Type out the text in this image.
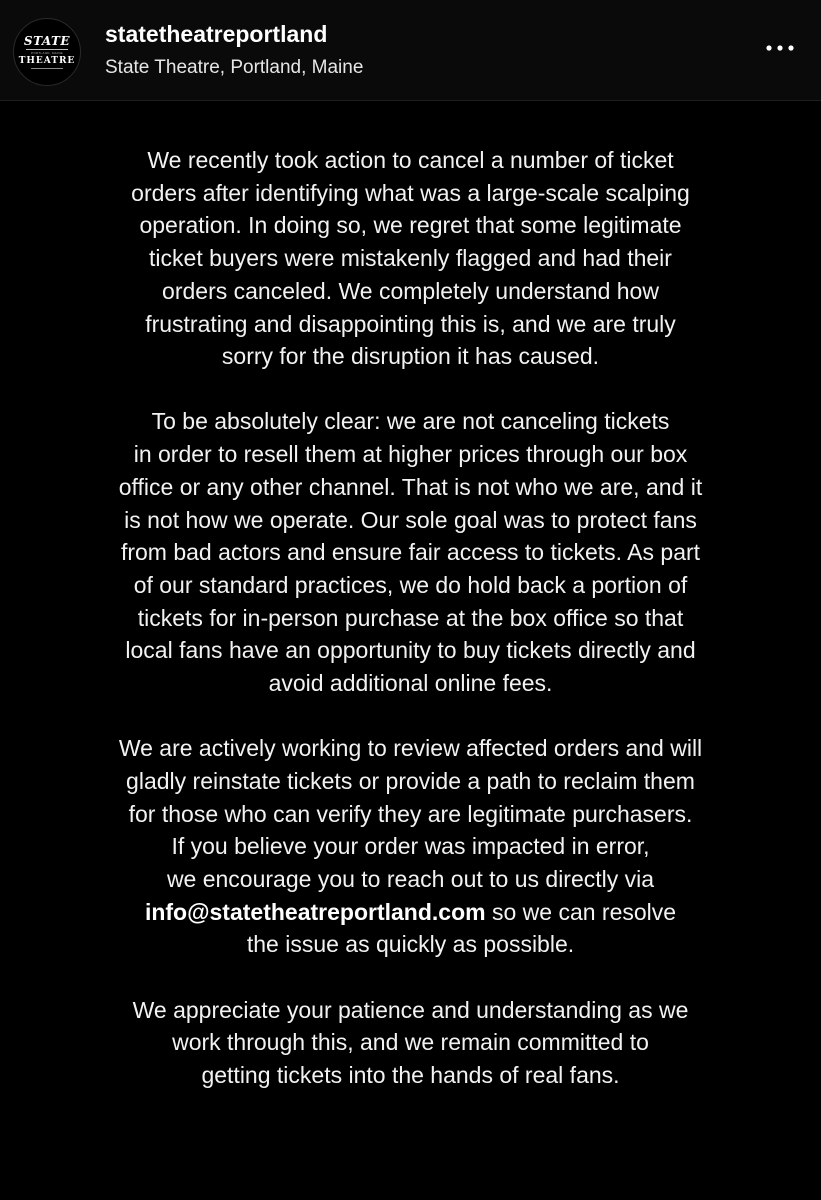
STATE
PORTLAND, MAINE
THEATRE
statetheatreportland
State Theatre, Portland, Maine

We recently took action to cancel a number of ticket
orders after identifying what was a large-scale scalping
operation. In doing so, we regret that some legitimate
ticket buyers were mistakenly flagged and had their
orders canceled. We completely understand how
frustrating and disappointing this is, and we are truly
sorry for the disruption it has caused.

To be absolutely clear: we are not canceling tickets
in order to resell them at higher prices through our box
office or any other channel. That is not who we are, and it
is not how we operate. Our sole goal was to protect fans
from bad actors and ensure fair access to tickets. As part
of our standard practices, we do hold back a portion of
tickets for in-person purchase at the box office so that
local fans have an opportunity to buy tickets directly and
avoid additional online fees.

We are actively working to review affected orders and will
gladly reinstate tickets or provide a path to reclaim them
for those who can verify they are legitimate purchasers.
If you believe your order was impacted in error,
we encourage you to reach out to us directly via
info@statetheatreportland.com so we can resolve
the issue as quickly as possible.

We appreciate your patience and understanding as we
work through this, and we remain committed to
getting tickets into the hands of real fans.
